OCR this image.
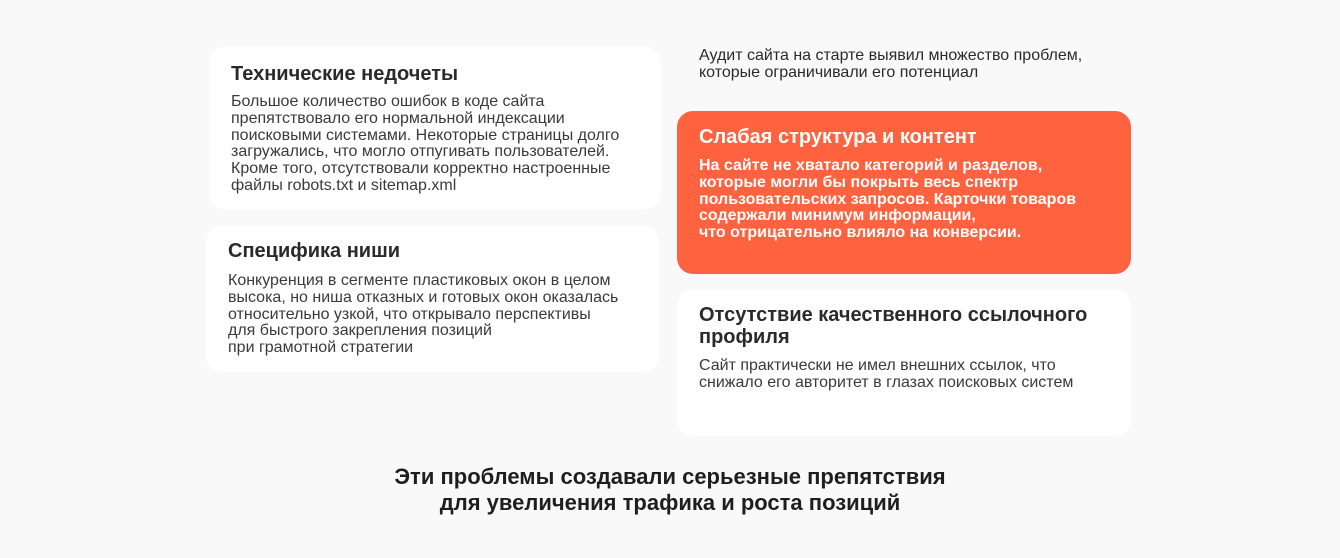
Технические недочеты

Большое количество ошибок в коде сайта
препятствовало его нормальной индексации
поисковыми системами. Некоторые страницы долго
загружались, что могло отпугивать пользователей.
Кроме того, отсутствовали корректно настроенные
файлы robots.txt и sitemap.xml

Специфика ниши

Конкуренция в сегменте пластиковых окон в целом
высока, но ниша отказных и готовых окон оказалась
относительно узкой, что открывало перспективы
для быстрого закрепления позиций
при грамотной стратегии

Аудит сайта на старте выявил множество проблем,
которые ограничивали его потенциал

Слабая структура и контент

На сайте не хватало категорий и разделов,
которые могли бы покрыть весь спектр
пользовательских запросов. Карточки товаров
содержали минимум информации,
что отрицательно влияло на конверсии.

Отсутствие качественного ссылочного
профиля

Сайт практически не имел внешних ссылок, что
снижало его авторитет в глазах поисковых систем

Эти проблемы создавали серьезные препятствия
для увеличения трафика и роста позиций
